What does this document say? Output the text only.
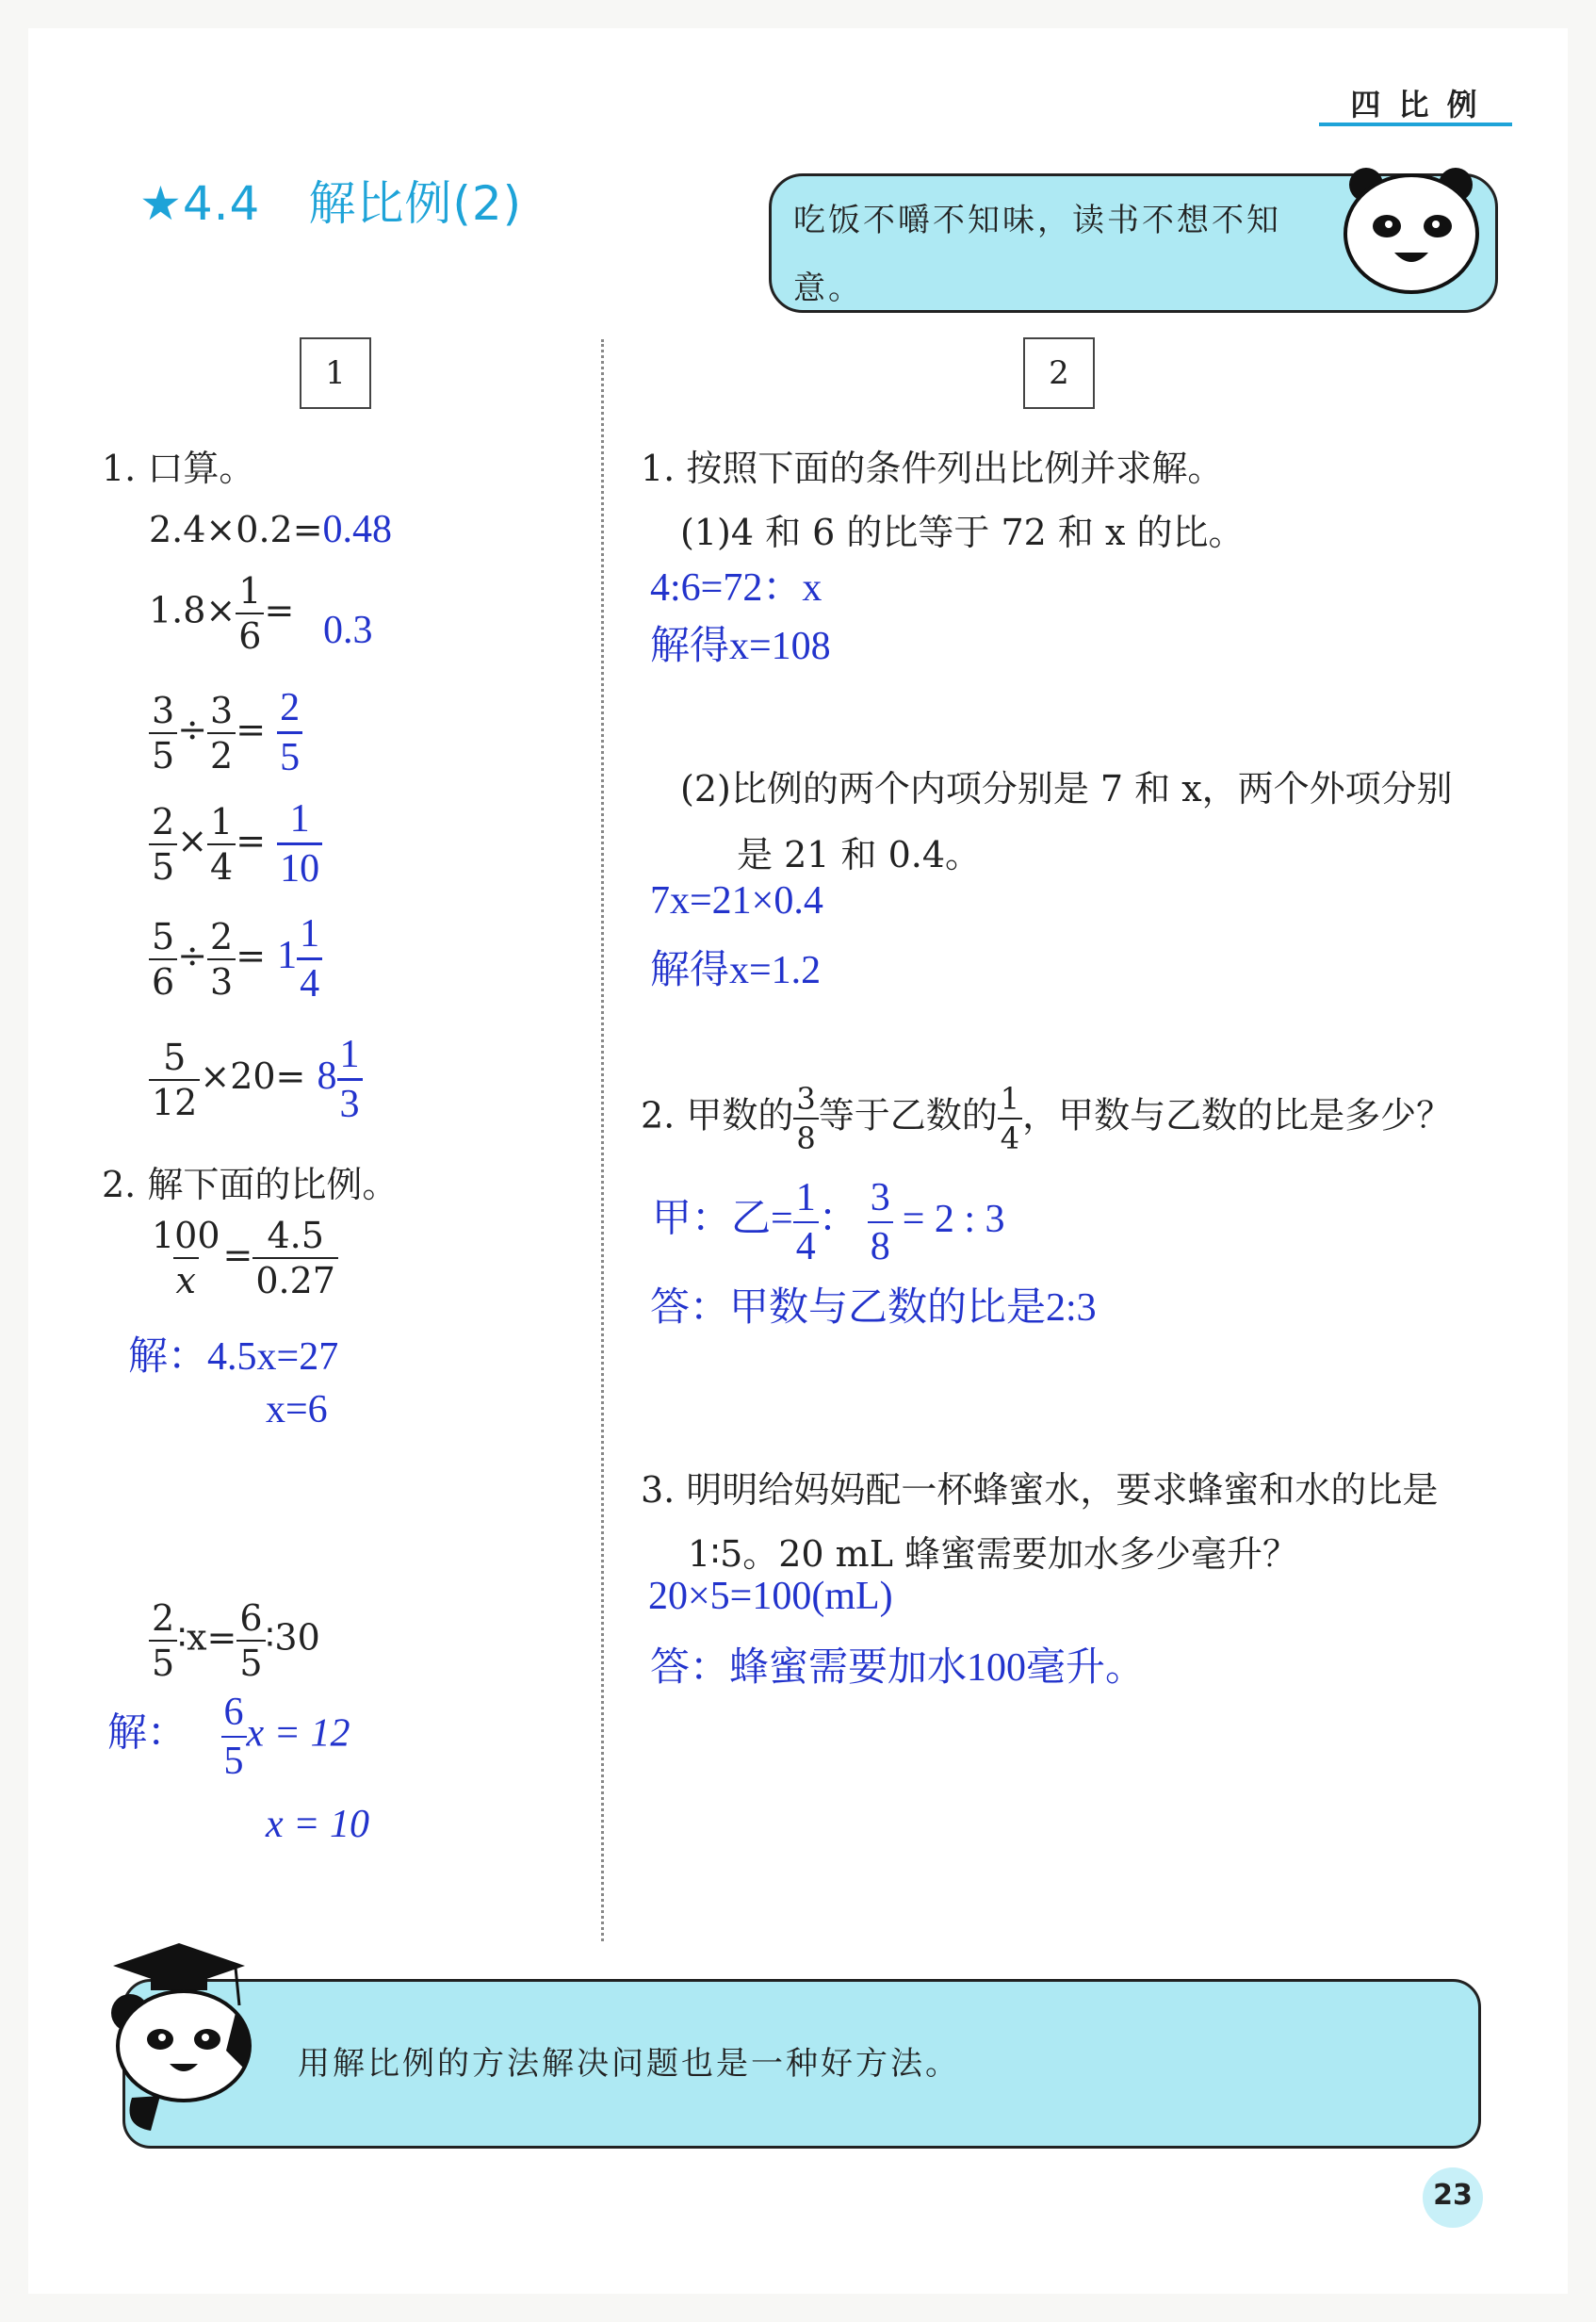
四 比 例
★4.4　解比例(2)	吃饭不嚼不知味，读书不想不知意。
1	2
1. 口算。
2.4×0.2=0.48
$1.8\times \frac{1}{6} = 0.3$
$\frac{3}{5} \div \frac{3}{2} = \frac{2}{5}$
$\frac{2}{5} \times \frac{1}{4} = \frac{1}{10}$
$\frac{5}{6} \div \frac{2}{3} = 1 \frac{1}{4}$
$\frac{5}{12} \times 20= 8 \frac{1}{3}$
2. 解下面的比例。
$\frac{100}{x} = \frac{4.5}{0.27}$
解：4.5x=27
x=6
$\frac{2}{5}$ ∶x= $\frac{6}{5}$ ∶30
解： $\frac{6}{5}$ x = 12
x = 10
1. 按照下面的条件列出比例并求解。
(1)4 和 6 的比等于 72 和 x 的比。
4:6=72：x
解得x=108
(2)比例的两个内项分别是 7 和 x，两个外项分别
是 21 和 0.4。
7x=21×0.4
解得x=1.2
2. 甲数的 $\frac{3}{8}$ 等于乙数的 $\frac{1}{4}$ ，甲数与乙数的比是多少？
甲：乙= $\frac{1}{4}$ ： $\frac{3}{8} = 2$ : 3
答：甲数与乙数的比是2:3
3. 明明给妈妈配一杯蜂蜜水，要求蜂蜜和水的比是
1∶5。20 mL 蜂蜜需要加水多少毫升？
20×5=100(mL)
答：蜂蜜需要加水100毫升。
用解比例的方法解决问题也是一种好方法。
23
